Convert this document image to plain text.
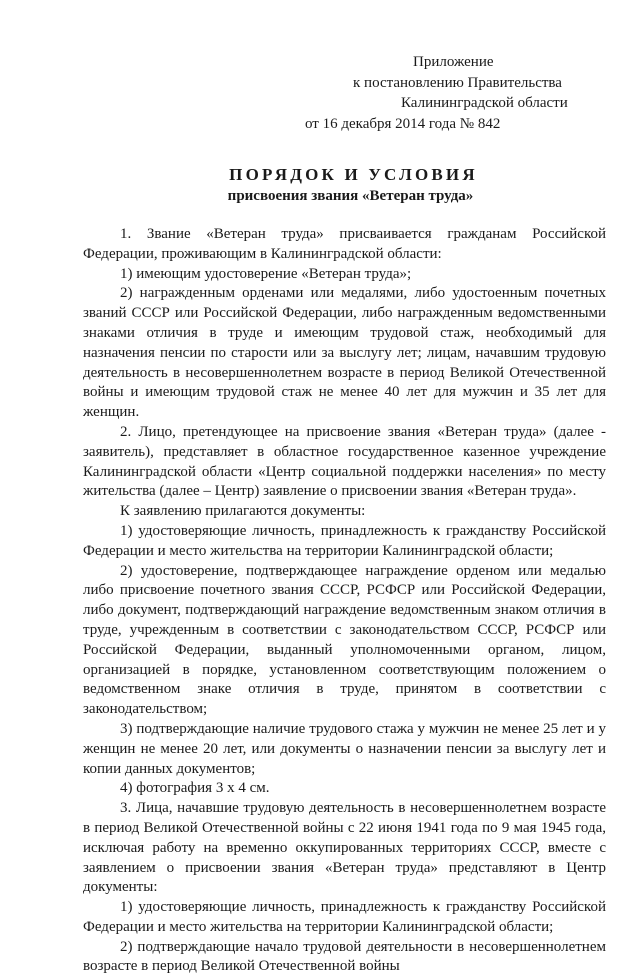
Приложение
к постановлению Правительства
Калининградской области
от 16 декабря 2014 года № 842
ПОРЯДОК И УСЛОВИЯ
присвоения звания «Ветеран труда»

1. Звание «Ветеран труда» присваивается гражданам Российской Федерации, проживающим в Калининградской области:

1) имеющим удостоверение «Ветеран труда»;

2) награжденным орденами или медалями, либо удостоенным почетных званий СССР или Российской Федерации, либо награжденным ведомственными знаками отличия в труде и имеющим трудовой стаж, необходимый для назначения пенсии по старости или за выслугу лет; лицам, начавшим трудовую деятельность в несовершеннолетнем возрасте в период Великой Отечественной войны и имеющим трудовой стаж не менее 40 лет для мужчин и 35 лет для женщин.

2. Лицо, претендующее на присвоение звания «Ветеран труда» (далее - заявитель), представляет в областное государственное казенное учреждение Калининградской области «Центр социальной поддержки населения» по месту жительства (далее – Центр) заявление о присвоении звания «Ветеран труда».

К заявлению прилагаются документы:

1) удостоверяющие личность, принадлежность к гражданству Российской Федерации и место жительства на территории Калининградской области;

2) удостоверение, подтверждающее награждение орденом или медалью либо присвоение почетного звания СССР, РСФСР или Российской Федерации, либо документ, подтверждающий награждение ведомственным знаком отличия в труде, учрежденным в соответствии с законодательством СССР, РСФСР или Российской Федерации, выданный уполномоченными органом, лицом, организацией в порядке, установленном соответствующим положением о ведомственном знаке отличия в труде, принятом в соответствии с законодательством;

3) подтверждающие наличие трудового стажа у мужчин не менее 25 лет и у женщин не менее 20 лет, или документы о назначении пенсии за выслугу лет и копии данных документов;

4) фотография 3 х 4 см.

3. Лица, начавшие трудовую деятельность в несовершеннолетнем возрасте в период Великой Отечественной войны с 22 июня 1941 года по 9 мая 1945 года, исключая работу на временно оккупированных территориях СССР, вместе с заявлением о присвоении звания «Ветеран труда» представляют в Центр документы:

1) удостоверяющие личность, принадлежность к гражданству Российской Федерации и место жительства на территории Калининградской области;

2) подтверждающие начало трудовой деятельности в несовершеннолетнем возрасте в период Великой Отечественной войны
